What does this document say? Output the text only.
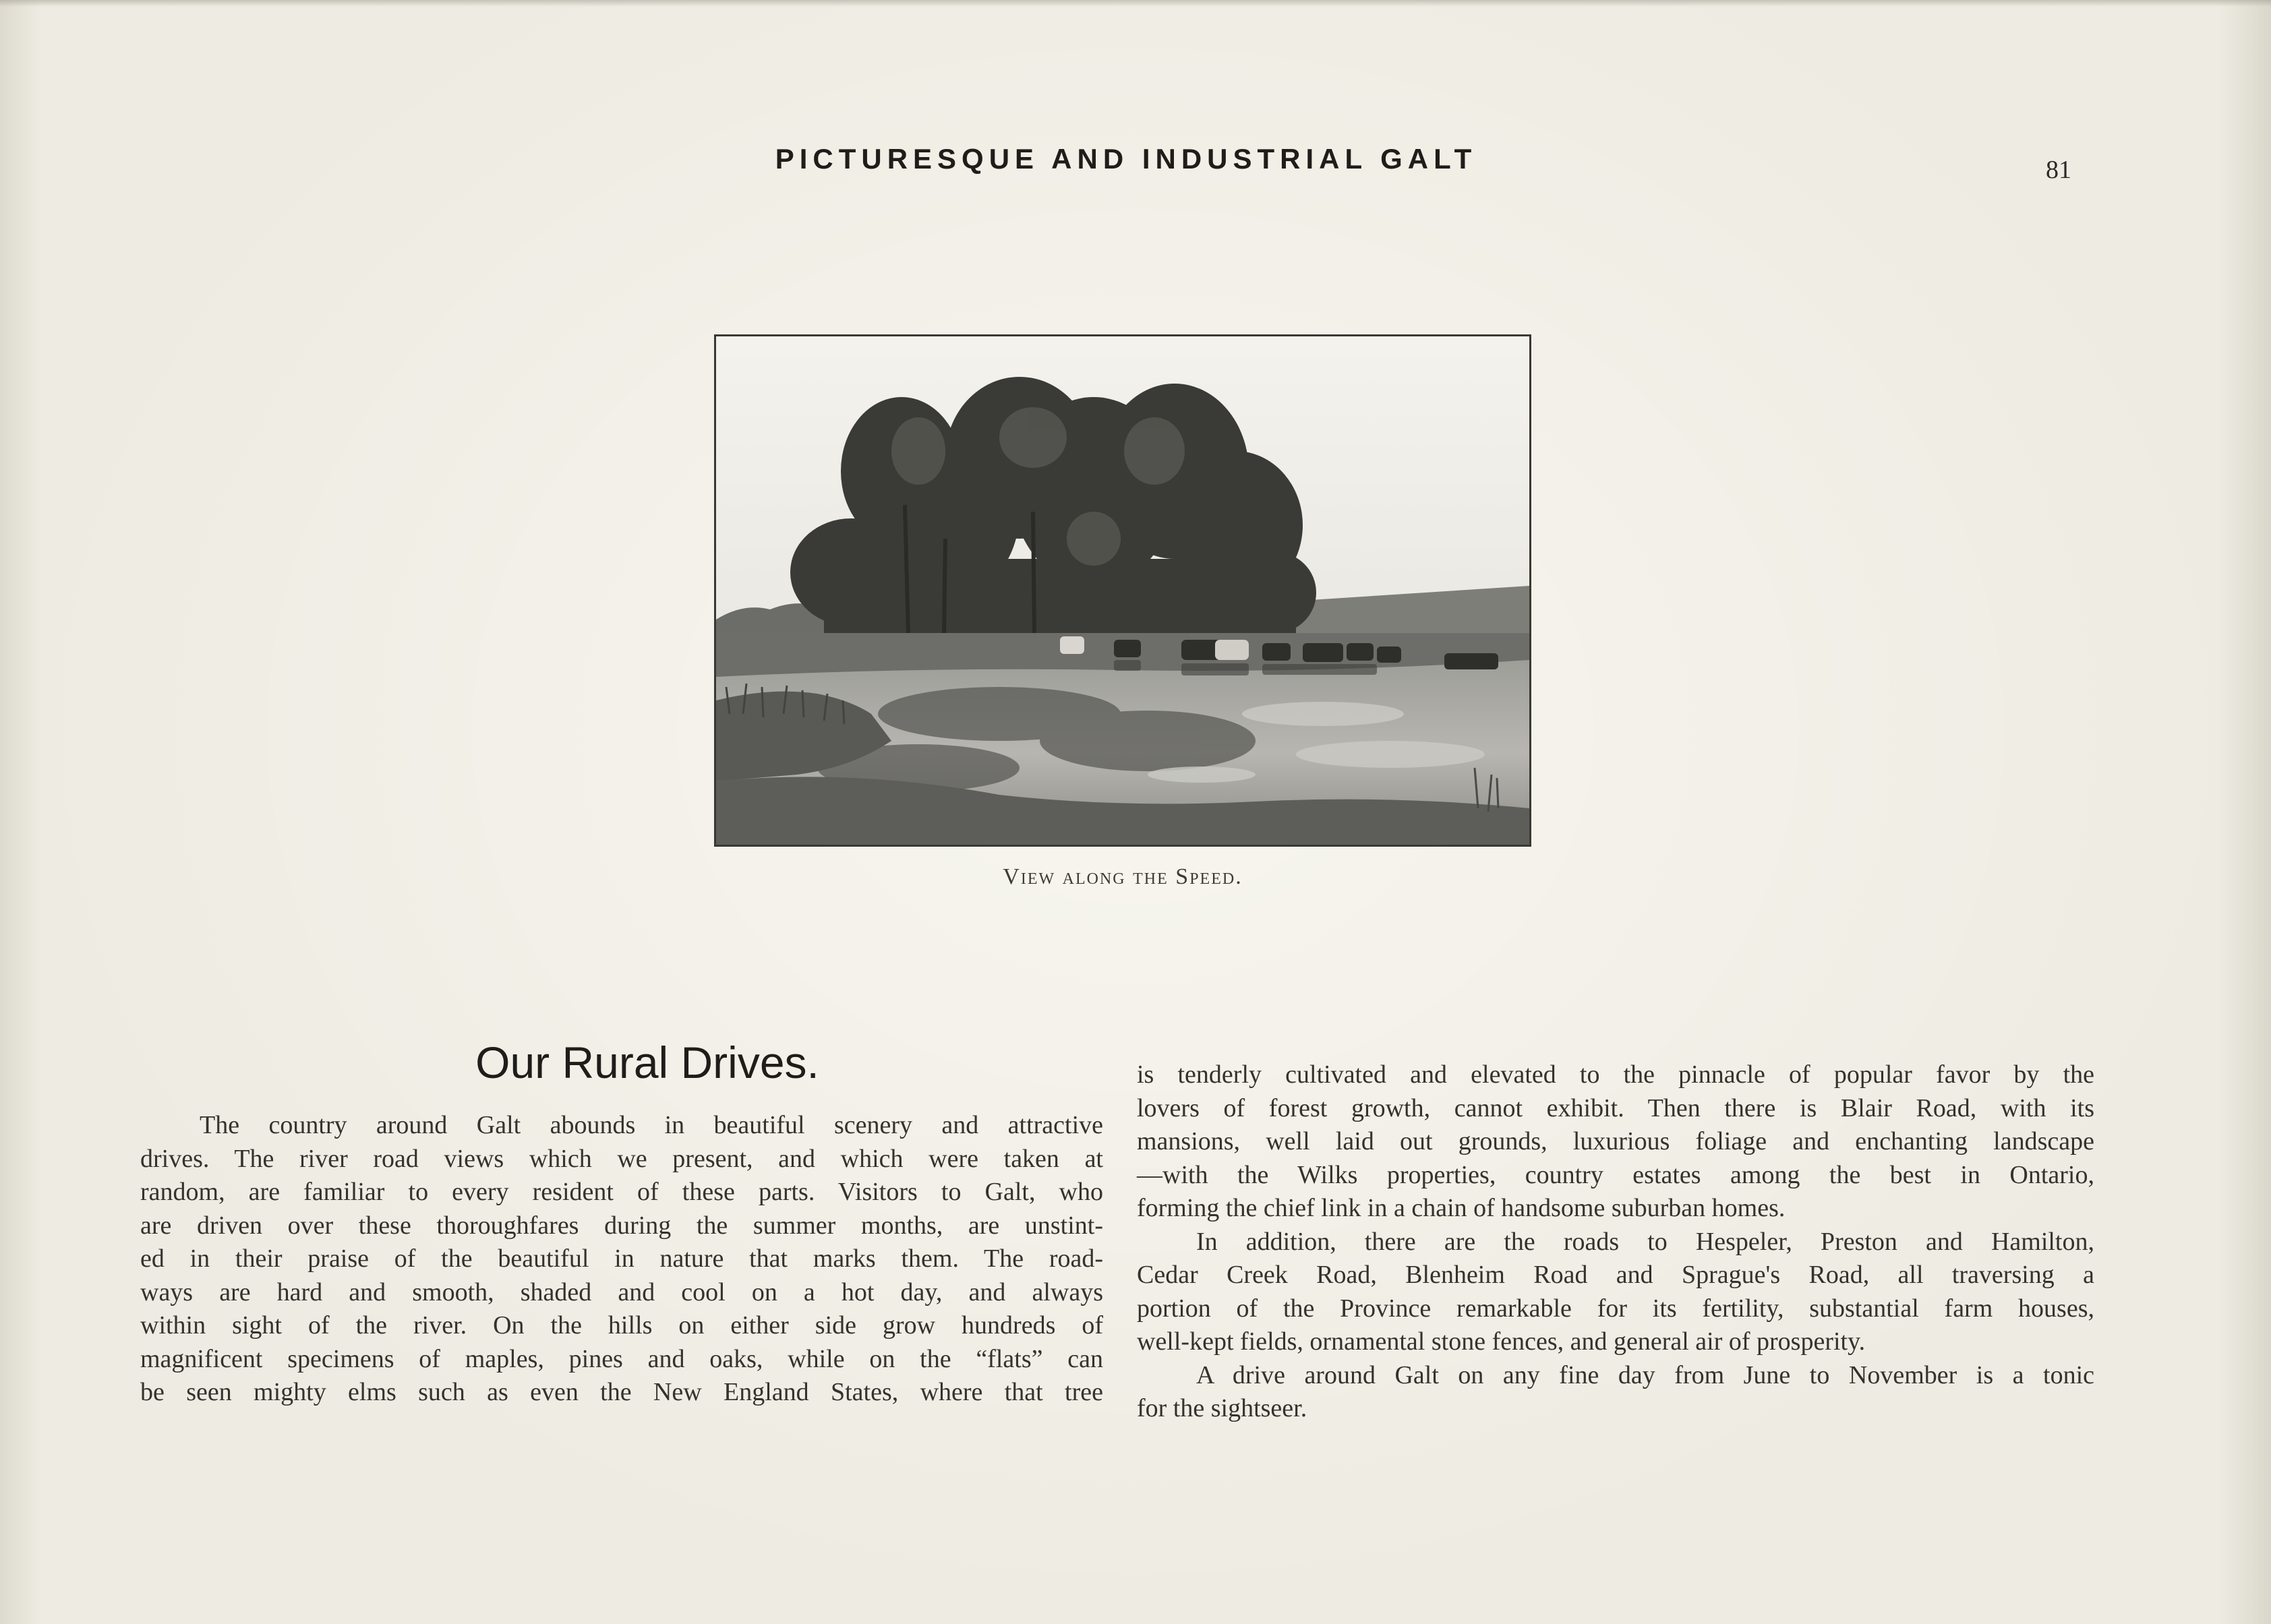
PICTURESQUE AND INDUSTRIAL GALT	81
View along the Speed.
Our Rural Drives.

The country around Galt abounds in beautiful scenery and attractive
drives. The river road views which we present, and which were taken at
random, are familiar to every resident of these parts. Visitors to Galt, who
are driven over these thoroughfares during the summer months, are unstint-
ed in their praise of the beautiful in nature that marks them. The road-
ways are hard and smooth, shaded and cool on a hot day, and always
within sight of the river. On the hills on either side grow hundreds of
magnificent specimens of maples, pines and oaks, while on the “flats” can
be seen mighty elms such as even the New England States, where that tree

is tenderly cultivated and elevated to the pinnacle of popular favor by the
lovers of forest growth, cannot exhibit. Then there is Blair Road, with its
mansions, well laid out grounds, luxurious foliage and enchanting landscape
—with the Wilks properties, country estates among the best in Ontario,
forming the chief link in a chain of handsome suburban homes.

In addition, there are the roads to Hespeler, Preston and Hamilton,
Cedar Creek Road, Blenheim Road and Sprague's Road, all traversing a
portion of the Province remarkable for its fertility, substantial farm houses,
well-kept fields, ornamental stone fences, and general air of prosperity.

A drive around Galt on any fine day from June to November is a tonic
for the sightseer.
